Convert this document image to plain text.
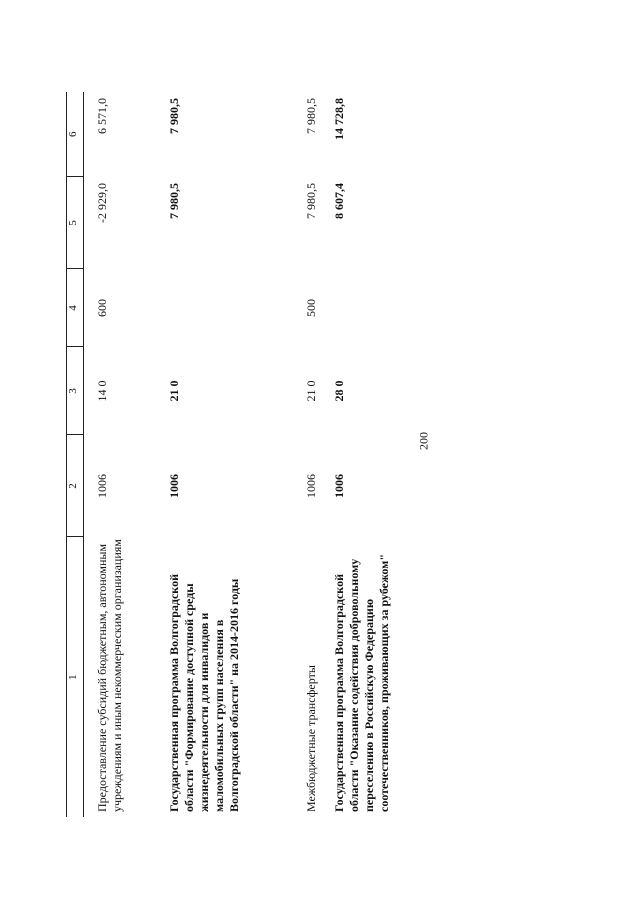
200
1	2	3	4	5	6

Предоставление субсидий бюджетным, автономным учреждениям и иным некоммерческим организациям	1006	14 0	600	-2 929,0	6 571,0
Государственная программа Волгоградской области "Формирование доступной среды жизнедеятельности для инвалидов и маломобильных групп населения в Волгоградской области" на 2014-2016 годы	1006	21 0		7 980,5	7 980,5
Межбюджетные трансферты	1006	21 0	500	7 980,5	7 980,5
Государственная программа Волгоградской области "Оказание содействия добровольному переселению в Российскую Федерацию соотечественников, проживающих за рубежом"	1006	28 0		8 607,4	14 728,8
